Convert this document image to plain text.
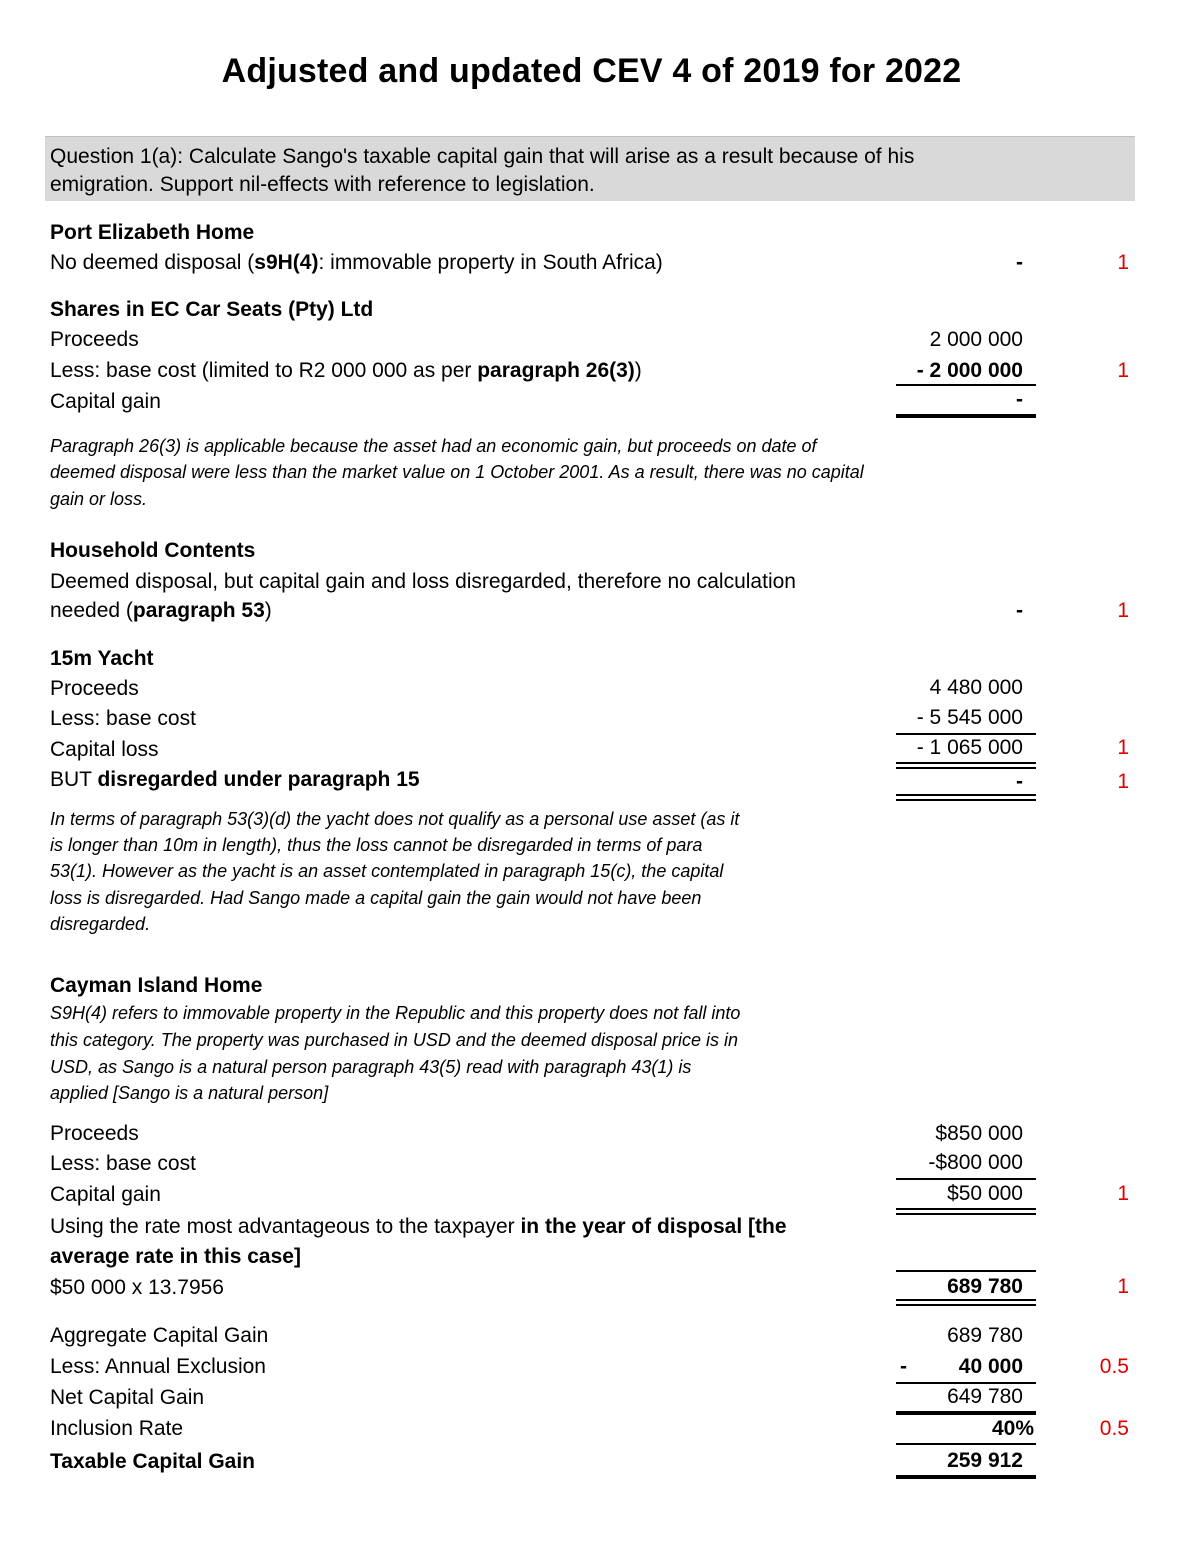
Adjusted and updated CEV 4 of 2019 for 2022
Question 1(a): Calculate Sango's taxable capital gain that will arise as a result because of his
emigration. Support nil-effects with reference to legislation.
Port Elizabeth Home
No deemed disposal (s9H(4): immovable property in South Africa)	-	1
Shares in EC Car Seats (Pty) Ltd
Proceeds	2 000 000
Less: base cost (limited to R2 000 000 as per paragraph 26(3))	- 2 000 000	1
Capital gain	-
Paragraph 26(3) is applicable because the asset had an economic gain, but proceeds on date of
deemed disposal were less than the market value on 1 October 2001. As a result, there was no capital
gain or loss.
Household Contents
Deemed disposal, but capital gain and loss disregarded, therefore no calculation
needed (paragraph 53)	-	1
15m Yacht
Proceeds	4 480 000
Less: base cost	- 5 545 000
Capital loss	- 1 065 000	1
BUT disregarded under paragraph 15	-	1
In terms of paragraph 53(3)(d) the yacht does not qualify as a personal use asset (as it
is longer than 10m in length), thus the loss cannot be disregarded in terms of para
53(1). However as the yacht is an asset contemplated in paragraph 15(c), the capital
loss is disregarded. Had Sango made a capital gain the gain would not have been
disregarded.
Cayman Island Home
S9H(4) refers to immovable property in the Republic and this property does not fall into
this category. The property was purchased in USD and the deemed disposal price is in
USD, as Sango is a natural person paragraph 43(5) read with paragraph 43(1) is
applied [Sango is a natural person]
Proceeds	$850 000
Less: base cost	-$800 000
Capital gain	$50 000	1
Using the rate most advantageous to the taxpayer in the year of disposal [the
average rate in this case]
$50 000 x 13.7956	689 780	1
Aggregate Capital Gain	689 780
Less: Annual Exclusion	- 40 000	0.5
Net Capital Gain	649 780
Inclusion Rate	40%	0.5
Taxable Capital Gain	259 912
